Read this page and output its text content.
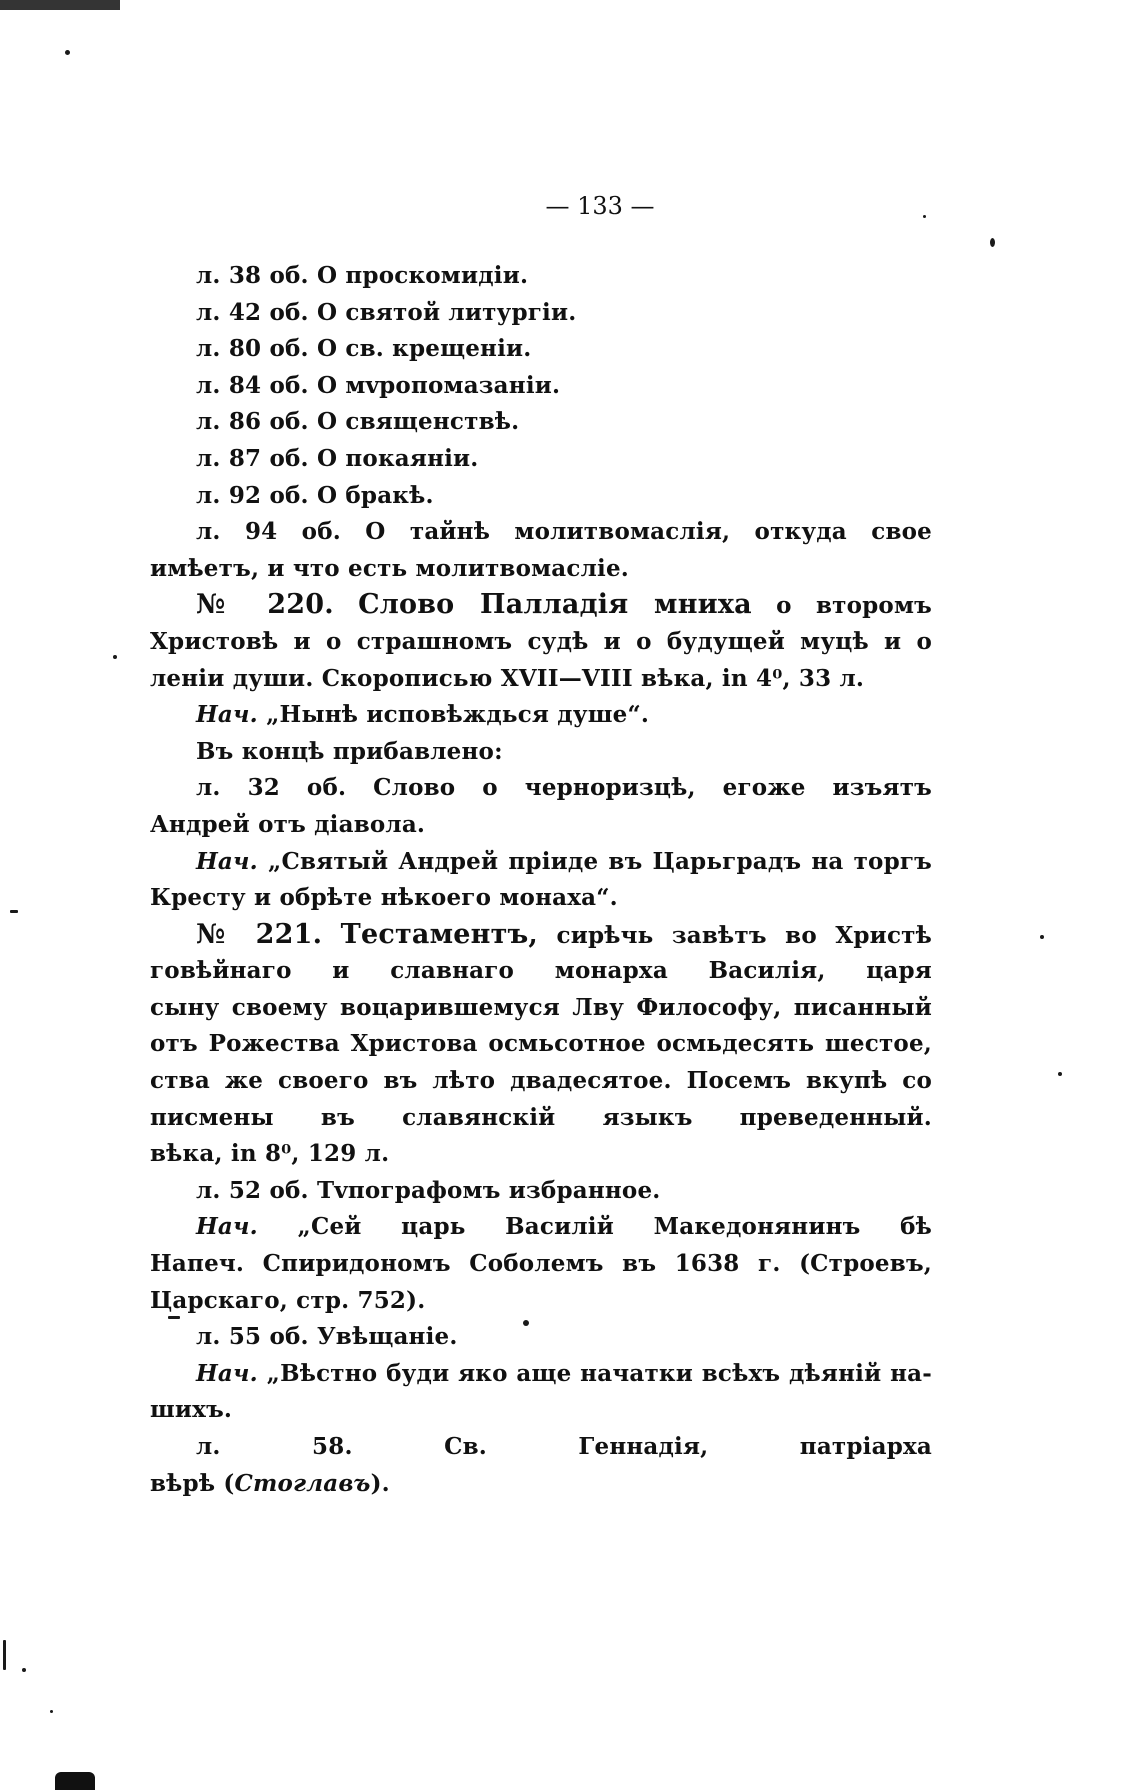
— 133 —
л. 38 об. О проскомидіи.
л. 42 об. О святой литургіи.
л. 80 об. О св. крещеніи.
л. 84 об. О мvропомазаніи.
л. 86 об. О священствѣ.
л. 87 об. О покаяніи.
л. 92 об. О бракѣ.
л. 94 об. О тайнѣ молитвомаслія, откуда свое
имѣетъ, и что есть молитвомасліе.
№ 220. Слово Палладія мниха о второмъ
Христовѣ и о страшномъ судѣ и о будущей муцѣ и о
леніи души. Скорописью XVII—VIII вѣка, in 4⁰, 33 л.
Нач. „Нынѣ исповѣждься душе“.
Въ концѣ прибавлено:
л. 32 об. Слово о черноризцѣ, егоже изъятъ
Андрей отъ діавола.
Нач. „Святый Андрей пріиде въ Царьградъ на торгъ
Кресту и обрѣте нѣкоего монаха“.
№ 221. Тестаментъ, сирѣчь завѣтъ во Христѣ
говѣйнаго и славнаго монарха Василія, царя
сыну своему воцарившемуся Лву Философу, писанный
отъ Рожества Христова осмьсотное осмьдесять шестое,
ства же своего въ лѣто двадесятое. Посемъ вкупѣ со
писмены въ славянскій языкъ преведенный.
вѣка, in 8⁰, 129 л.
л. 52 об. Тvпографомъ избранное.
Нач. „Сей царь Василій Македонянинъ бѣ
Напеч. Спиридономъ Соболемъ въ 1638 г. (Строевъ,
Царскаго, стр. 752).
л. 55 об. Увѣщаніе.
Нач. „Вѣстно буди яко аще начатки всѣхъ дѣяній на-
шихъ.
л. 58. Св. Геннадія, патріарха
вѣрѣ (Стоглавъ).
